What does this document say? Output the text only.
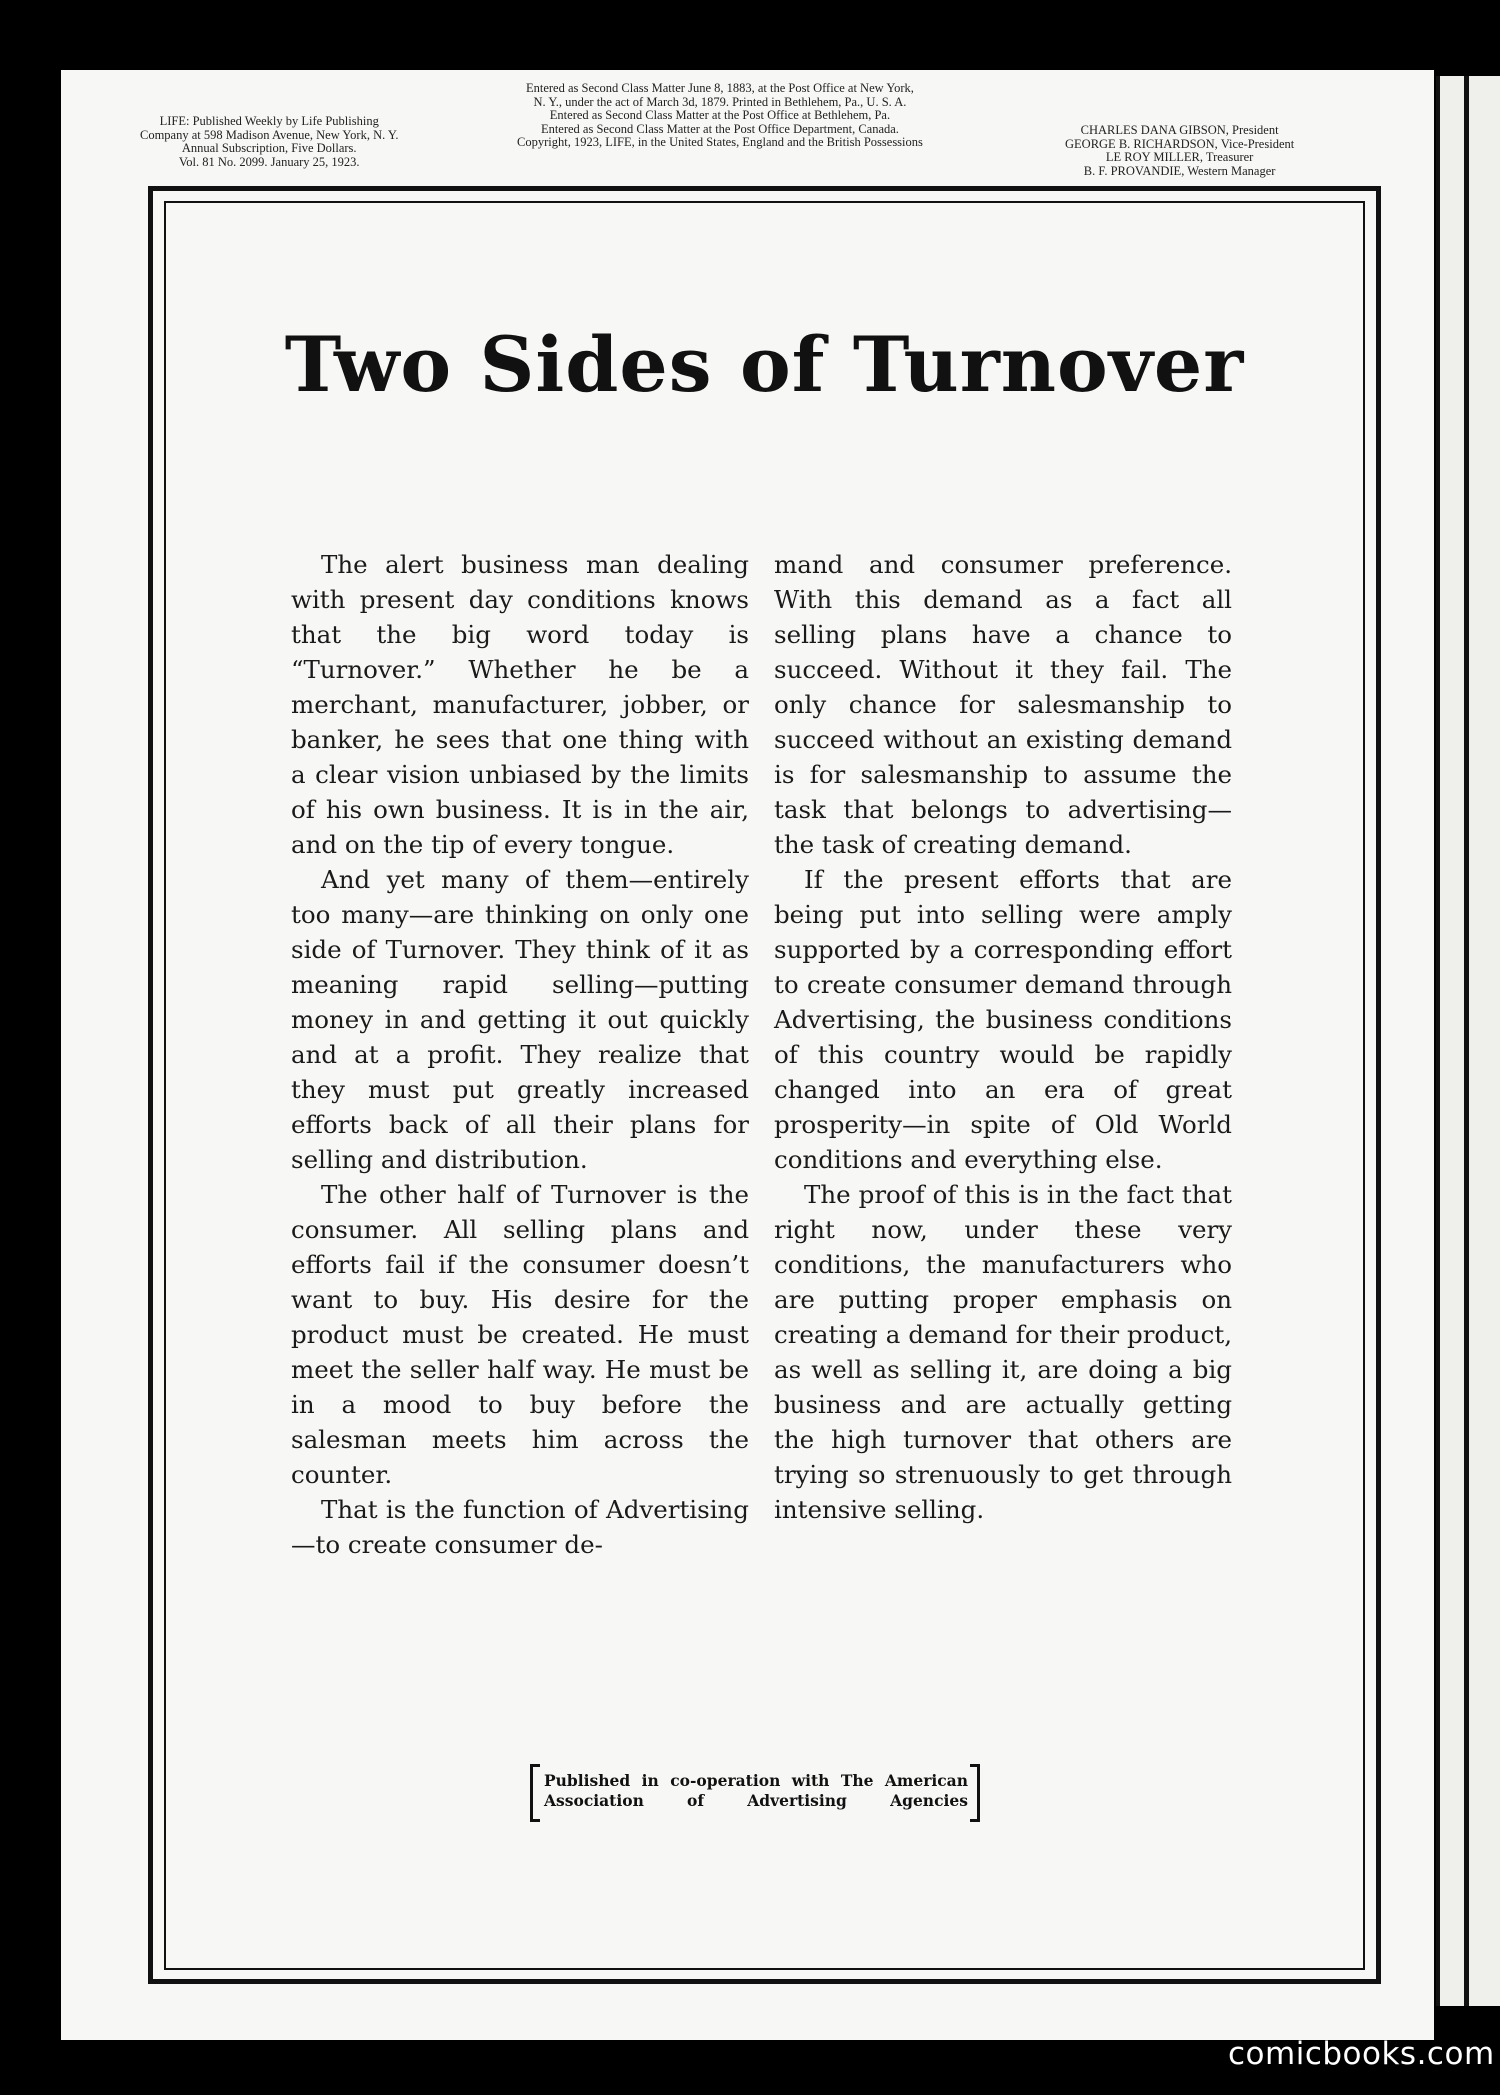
LIFE: Published Weekly by Life Publishing
Company at 598 Madison Avenue, New York, N. Y.
Annual Subscription, Five Dollars.
Vol. 81 No. 2099. January 25, 1923.
Entered as Second Class Matter June 8, 1883, at the Post Office at New York,
N. Y., under the act of March 3d, 1879. Printed in Bethlehem, Pa., U. S. A.
Entered as Second Class Matter at the Post Office at Bethlehem, Pa.
Entered as Second Class Matter at the Post Office Department, Canada.
Copyright, 1923, LIFE, in the United States, England and the British Possessions
CHARLES DANA GIBSON, President
GEORGE B. RICHARDSON, Vice-President
LE ROY MILLER, Treasurer
B. F. PROVANDIE, Western Manager
Two Sides of Turnover

The alert business man dealing with present day conditions knows that the big word today is “Turnover.” Whether he be a merchant, manufacturer, jobber, or banker, he sees that one thing with a clear vision unbiased by the limits of his own business. It is in the air, and on the tip of every tongue.

And yet many of them—entirely too many—are thinking on only one side of Turnover. They think of it as meaning rapid selling—putting money in and getting it out quickly and at a profit. They realize that they must put greatly increased efforts back of all their plans for selling and distribution.

The other half of Turnover is the consumer. All selling plans and efforts fail if the consumer doesn’t want to buy. His desire for the product must be created. He must meet the seller half way. He must be in a mood to buy before the salesman meets him across the counter.

That is the function of Advertising—to create consumer de-

mand and consumer preference. With this demand as a fact all selling plans have a chance to succeed. Without it they fail. The only chance for salesmanship to succeed without an existing demand is for salesmanship to assume the task that belongs to advertising—the task of creating demand.

If the present efforts that are being put into selling were amply supported by a corresponding effort to create consumer demand through Advertising, the business conditions of this country would be rapidly changed into an era of great prosperity—in spite of Old World conditions and everything else.

The proof of this is in the fact that right now, under these very conditions, the manufacturers who are putting proper emphasis on creating a demand for their product, as well as selling it, are doing a big business and are actually getting the high turnover that others are trying so strenuously to get through intensive selling.

Published in co-operation with The American Association of Advertising Agencies
comicbooks.com
